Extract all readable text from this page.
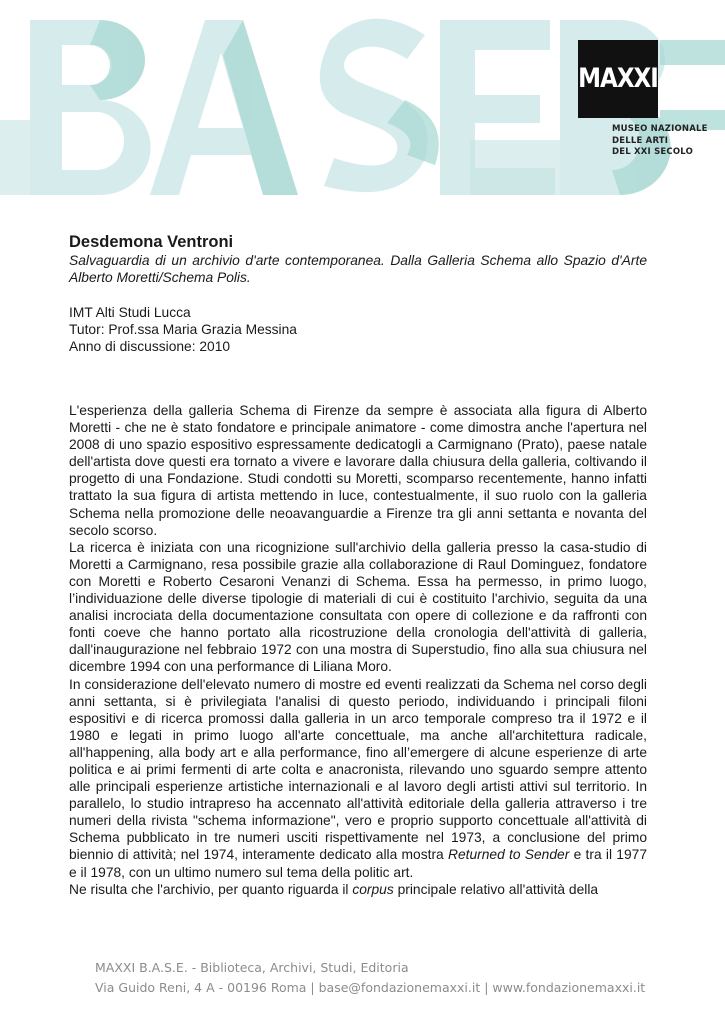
MAXXI
MUSEO NAZIONALE
DELLE ARTI
DEL XXI SECOLO
Desdemona Ventroni

Salvaguardia di un archivio d'arte contemporanea. Dalla Galleria Schema allo Spazio d'Arte Alberto Moretti/Schema Polis.

IMT Alti Studi Lucca
Tutor: Prof.ssa Maria Grazia Messina
Anno di discussione: 2010

L'esperienza della galleria Schema di Firenze da sempre è associata alla figura di Alberto Moretti - che ne è stato fondatore e principale animatore - come dimostra anche l'apertura nel 2008 di uno spazio espositivo espressamente dedicatogli a Carmignano (Prato), paese natale dell'artista dove questi era tornato a vivere e lavorare dalla chiusura della galleria, coltivando il progetto di una Fondazione. Studi condotti su Moretti, scomparso recentemente, hanno infatti trattato la sua figura di artista mettendo in luce, contestualmente, il suo ruolo con la galleria Schema nella promozione delle neoavanguardie a Firenze tra gli anni settanta e novanta del secolo scorso.

La ricerca è iniziata con una ricognizione sull'archivio della galleria presso la casa-studio di Moretti a Carmignano, resa possibile grazie alla collaborazione di Raul Dominguez, fondatore con Moretti e Roberto Cesaroni Venanzi di Schema. Essa ha permesso, in primo luogo, l’individuazione delle diverse tipologie di materiali di cui è costituito l'archivio, seguita da una analisi incrociata della documentazione consultata con opere di collezione e da raffronti con fonti coeve che hanno portato alla ricostruzione della cronologia dell'attività di galleria, dall'inaugurazione nel febbraio 1972 con una mostra di Superstudio, fino alla sua chiusura nel dicembre 1994 con una performance di Liliana Moro.

In considerazione dell'elevato numero di mostre ed eventi realizzati da Schema nel corso degli anni settanta, si è privilegiata l'analisi di questo periodo, individuando i principali filoni espositivi e di ricerca promossi dalla galleria in un arco temporale compreso tra il 1972 e il 1980 e legati in primo luogo all'arte concettuale, ma anche all'architettura radicale, all'happening, alla body art e alla performance, fino all’emergere di alcune esperienze di arte politica e ai primi fermenti di arte colta e anacronista, rilevando uno sguardo sempre attento alle principali esperienze artistiche internazionali e al lavoro degli artisti attivi sul territorio. In parallelo, lo studio intrapreso ha accennato all'attività editoriale della galleria attraverso i tre numeri della rivista "schema informazione", vero e proprio supporto concettuale all'attività di Schema pubblicato in tre numeri usciti rispettivamente nel 1973, a conclusione del primo biennio di attività; nel 1974, interamente dedicato alla mostra Returned to Sender e tra il 1977 e il 1978, con un ultimo numero sul tema della politic art.

Ne risulta che l'archivio, per quanto riguarda il corpus principale relativo all'attività della

MAXXI B.A.S.E. - Biblioteca, Archivi, Studi, Editoria
Via Guido Reni, 4 A - 00196 Roma | base@fondazionemaxxi.it | www.fondazionemaxxi.it
